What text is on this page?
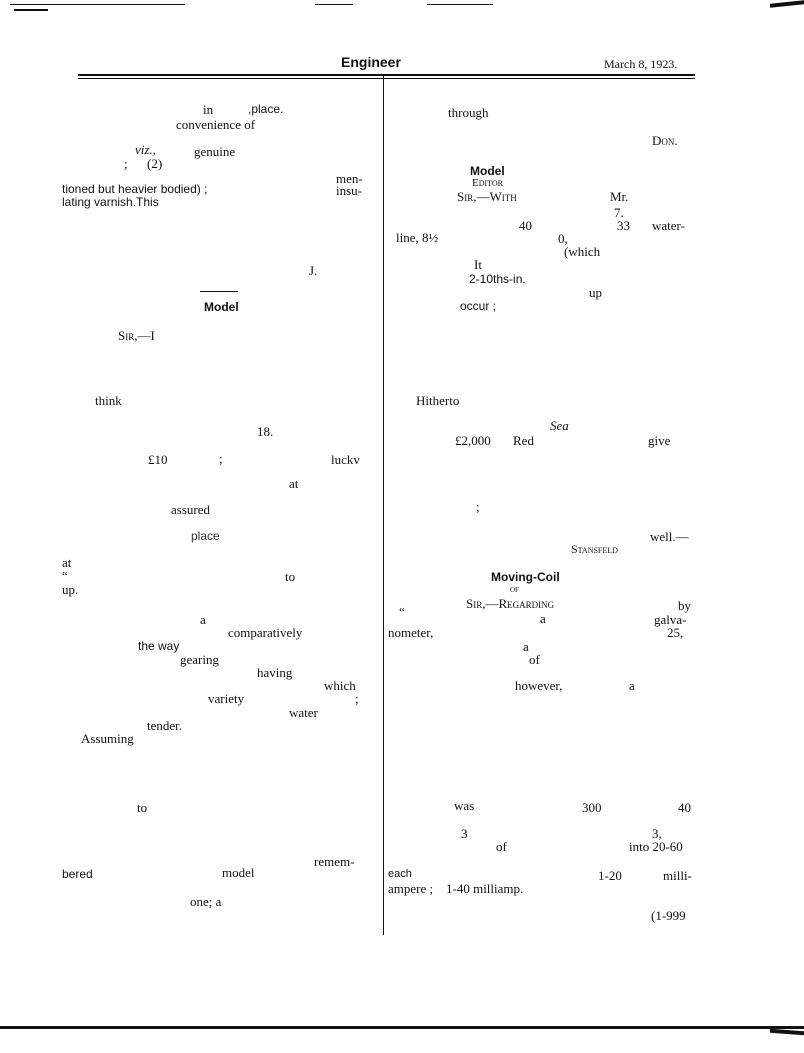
Engineer	March 8, 1923.
in	,place.
convenience of
viz.,	genuine
; (2)
men-
tioned but heavier bodied) ;	insu-
lating varnish.This
J.
Model
Sir,—I
think
18.
£10	;	luckv
at
assured
place
at
“	to
up.
a
comparatively
the way
gearing
having
which
variety	;
water
tender.
Assuming
to
remem-
bered	model
one; a
through
Don.
Model
Editor
Sir,—With	Mr.
7.
40
0,
33 water-
line, 8½
(which
It
2-10ths-in.
up
occur ;
Hitherto
Sea
£2,000 Red	give
;
well.—
Stansfeld
Moving-Coil
of
Sir,—Regarding	by
“	a	galva-
nometer,	25,
a
of
however,	a
was	300	40
3	3,
of	into 20-60
each	1-20	milli-
ampere ; 1-40 milliamp.
(1-999
